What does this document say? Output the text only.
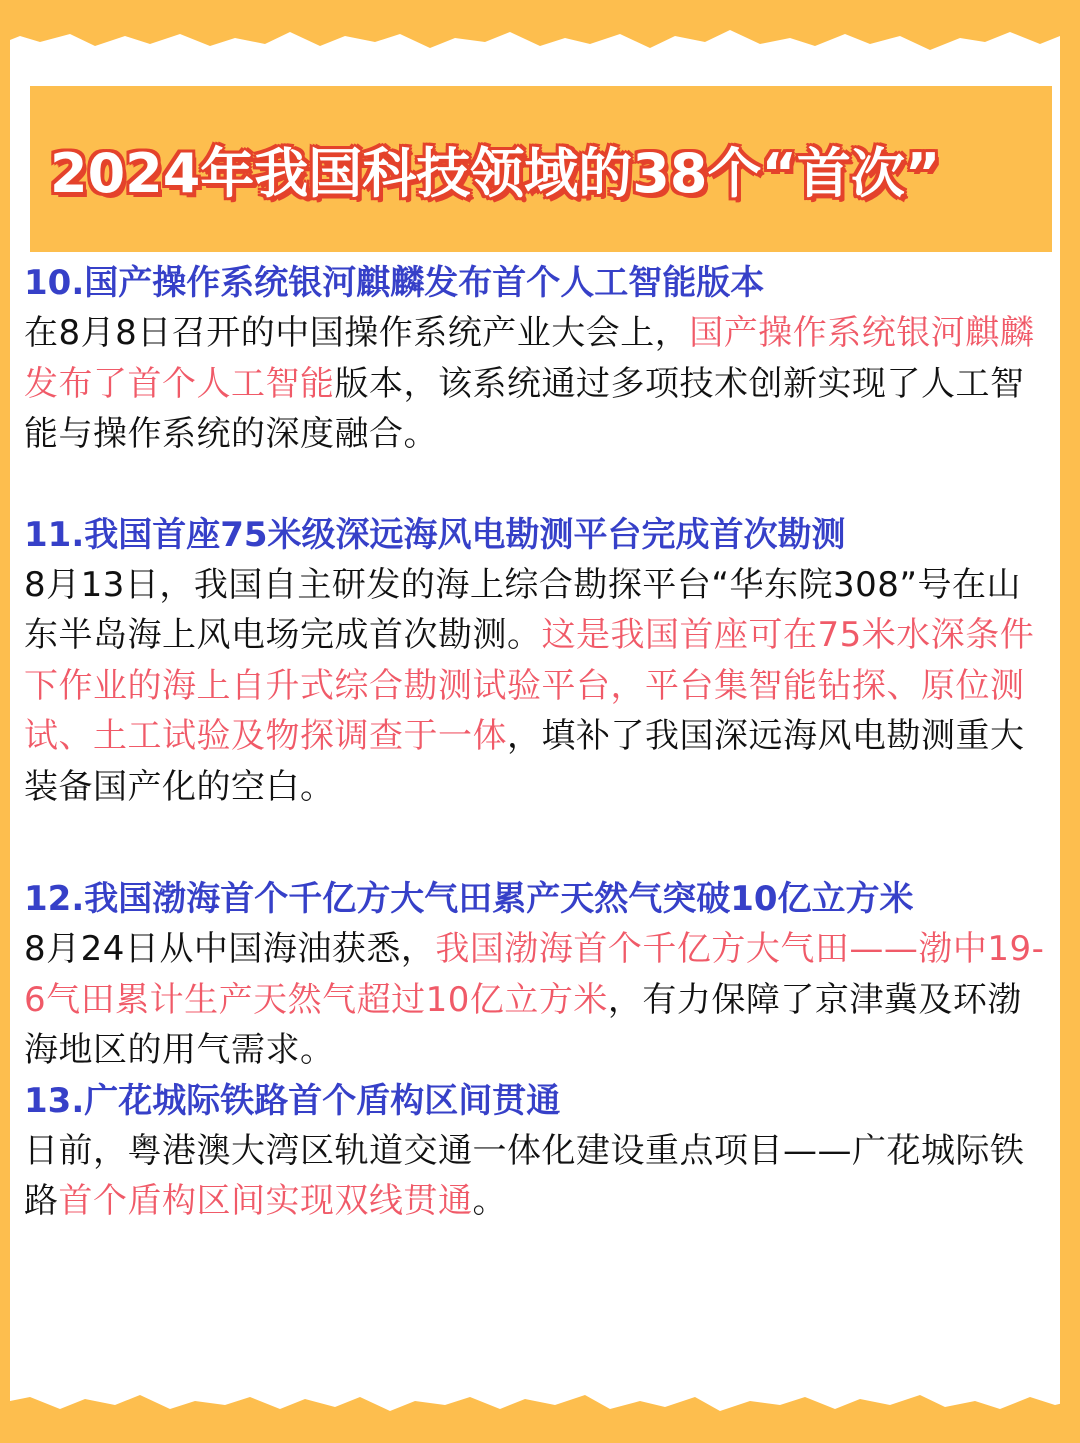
2024年我国科技领域的38个“首次”

10.国产操作系统银河麒麟发布首个人工智能版本

在8月8日召开的中国操作系统产业大会上，国产操作系统银河麒麟发布了首个人工智能版本，该系统通过多项技术创新实现了人工智能与操作系统的深度融合。

11.我国首座75米级深远海风电勘测平台完成首次勘测

8月13日，我国自主研发的海上综合勘探平台“华东院308”号在山东半岛海上风电场完成首次勘测。这是我国首座可在75米水深条件下作业的海上自升式综合勘测试验平台，平台集智能钻探、原位测试、土工试验及物探调查于一体，填补了我国深远海风电勘测重大装备国产化的空白。

12.我国渤海首个千亿方大气田累产天然气突破10亿立方米

8月24日从中国海油获悉，我国渤海首个千亿方大气田——渤中19-6气田累计生产天然气超过10亿立方米，有力保障了京津冀及环渤海地区的用气需求。

13.广花城际铁路首个盾构区间贯通

日前，粤港澳大湾区轨道交通一体化建设重点项目——广花城际铁路首个盾构区间实现双线贯通。
